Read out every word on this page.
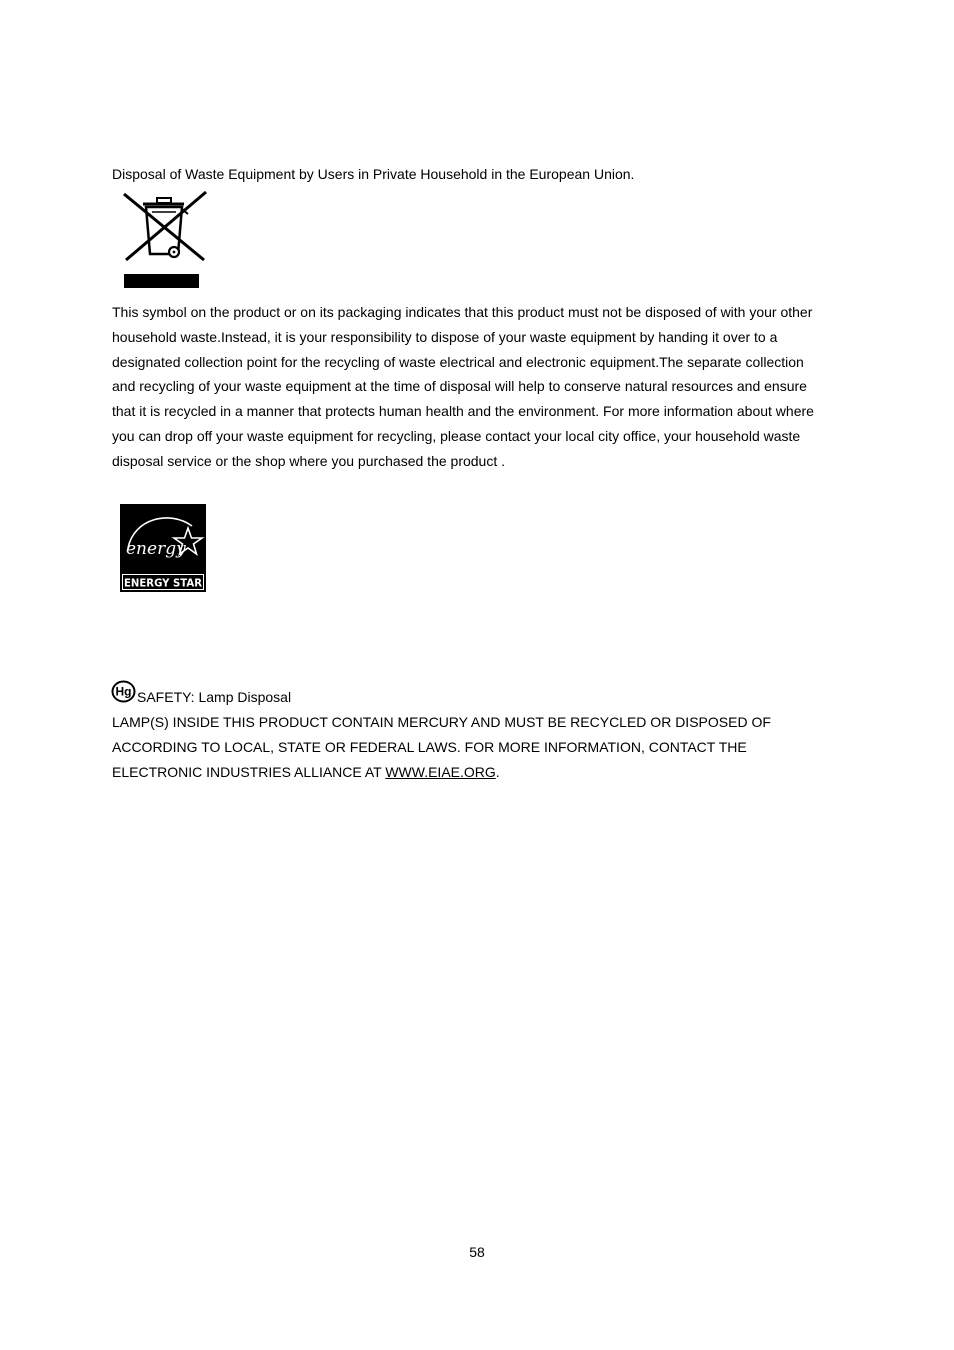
Disposal of Waste Equipment by Users in Private Household in the European Union.
This symbol on the product or on its packaging indicates that this product must not be disposed of with your other
household waste.Instead, it is your responsibility to dispose of your waste equipment by handing it over to a
designated collection point for the recycling of waste electrical and electronic equipment.The separate collection
and recycling of your waste equipment at the time of disposal will help to conserve natural resources and ensure
that it is recycled in a manner that protects human health and the environment. For more information about where
you can drop off your waste equipment for recycling, please contact your local city office, your household waste
disposal service or the shop where you purchased the product .
energy
ENERGY STAR
Hg SAFETY: Lamp Disposal
LAMP(S) INSIDE THIS PRODUCT CONTAIN MERCURY AND MUST BE RECYCLED OR DISPOSED OF
ACCORDING TO LOCAL, STATE OR FEDERAL LAWS. FOR MORE INFORMATION, CONTACT THE
ELECTRONIC INDUSTRIES ALLIANCE AT WWW.EIAE.ORG.
58
